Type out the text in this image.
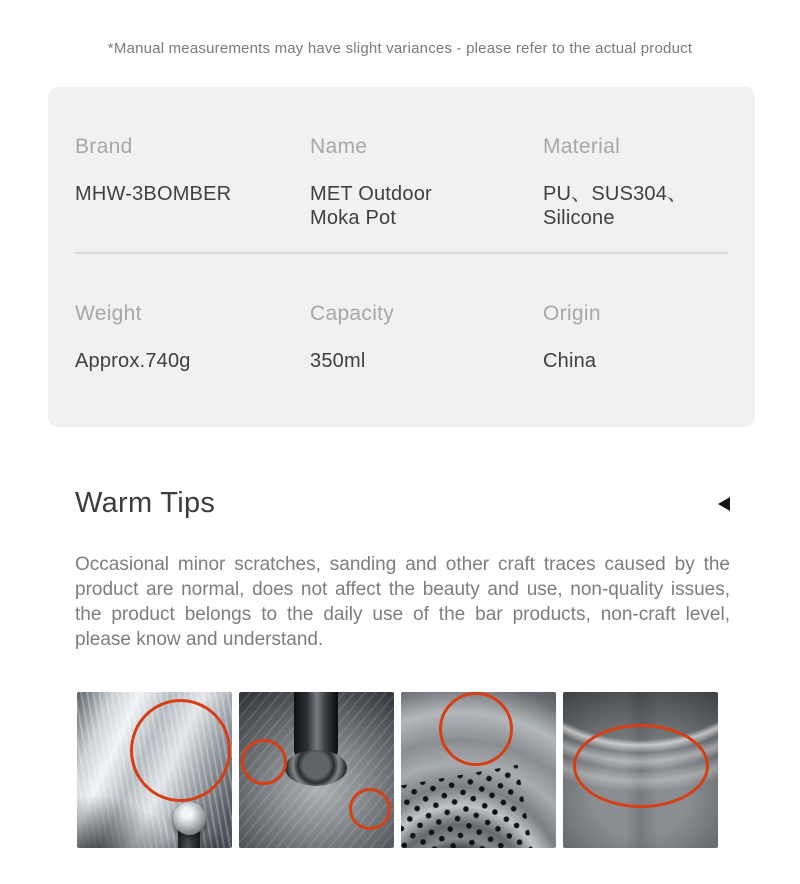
*Manual measurements may have slight variances - please refer to the actual product

Brand
MHW-3BOMBER
Name
MET Outdoor Moka Pot
Material
PU、SUS304、Silicone
Weight
Approx.740g
Capacity
350ml
Origin
China
Warm Tips

Occasional minor scratches, sanding and other craft traces caused by the product are normal, does not affect the beauty and use, non-quality issues, the product belongs to the daily use of the bar products, non-craft level, please know and understand.
